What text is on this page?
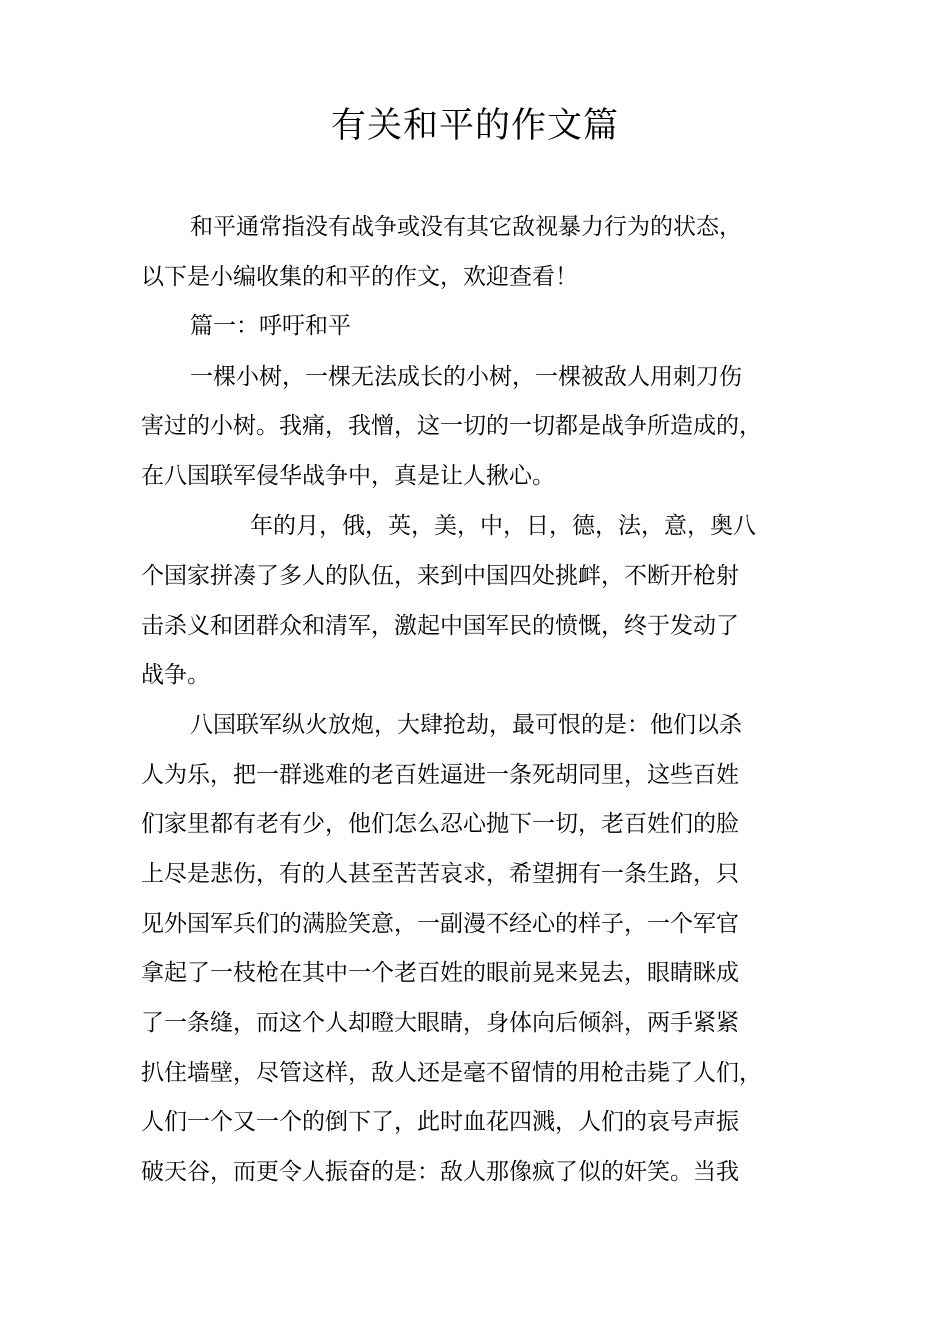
有关和平的作文篇

和平通常指没有战争或没有其它敌视暴力行为的状态，

以下是小编收集的和平的作文，欢迎查看！

篇一：呼吁和平

一棵小树，一棵无法成长的小树，一棵被敌人用刺刀伤

害过的小树。我痛，我憎，这一切的一切都是战争所造成的，

在八国联军侵华战争中，真是让人揪心。

年的月，俄，英，美，中，日，德，法，意，奥八

个国家拼凑了多人的队伍，来到中国四处挑衅，不断开枪射

击杀义和团群众和清军，激起中国军民的愤慨，终于发动了

战争。

八国联军纵火放炮，大肆抢劫，最可恨的是：他们以杀

人为乐，把一群逃难的老百姓逼进一条死胡同里，这些百姓

们家里都有老有少，他们怎么忍心抛下一切，老百姓们的脸

上尽是悲伤，有的人甚至苦苦哀求，希望拥有一条生路，只

见外国军兵们的满脸笑意，一副漫不经心的样子，一个军官

拿起了一枝枪在其中一个老百姓的眼前晃来晃去，眼睛眯成

了一条缝，而这个人却瞪大眼睛，身体向后倾斜，两手紧紧

扒住墙壁，尽管这样，敌人还是毫不留情的用枪击毙了人们，

人们一个又一个的倒下了，此时血花四溅，人们的哀号声振

破天谷，而更令人振奋的是：敌人那像疯了似的奸笑。当我
